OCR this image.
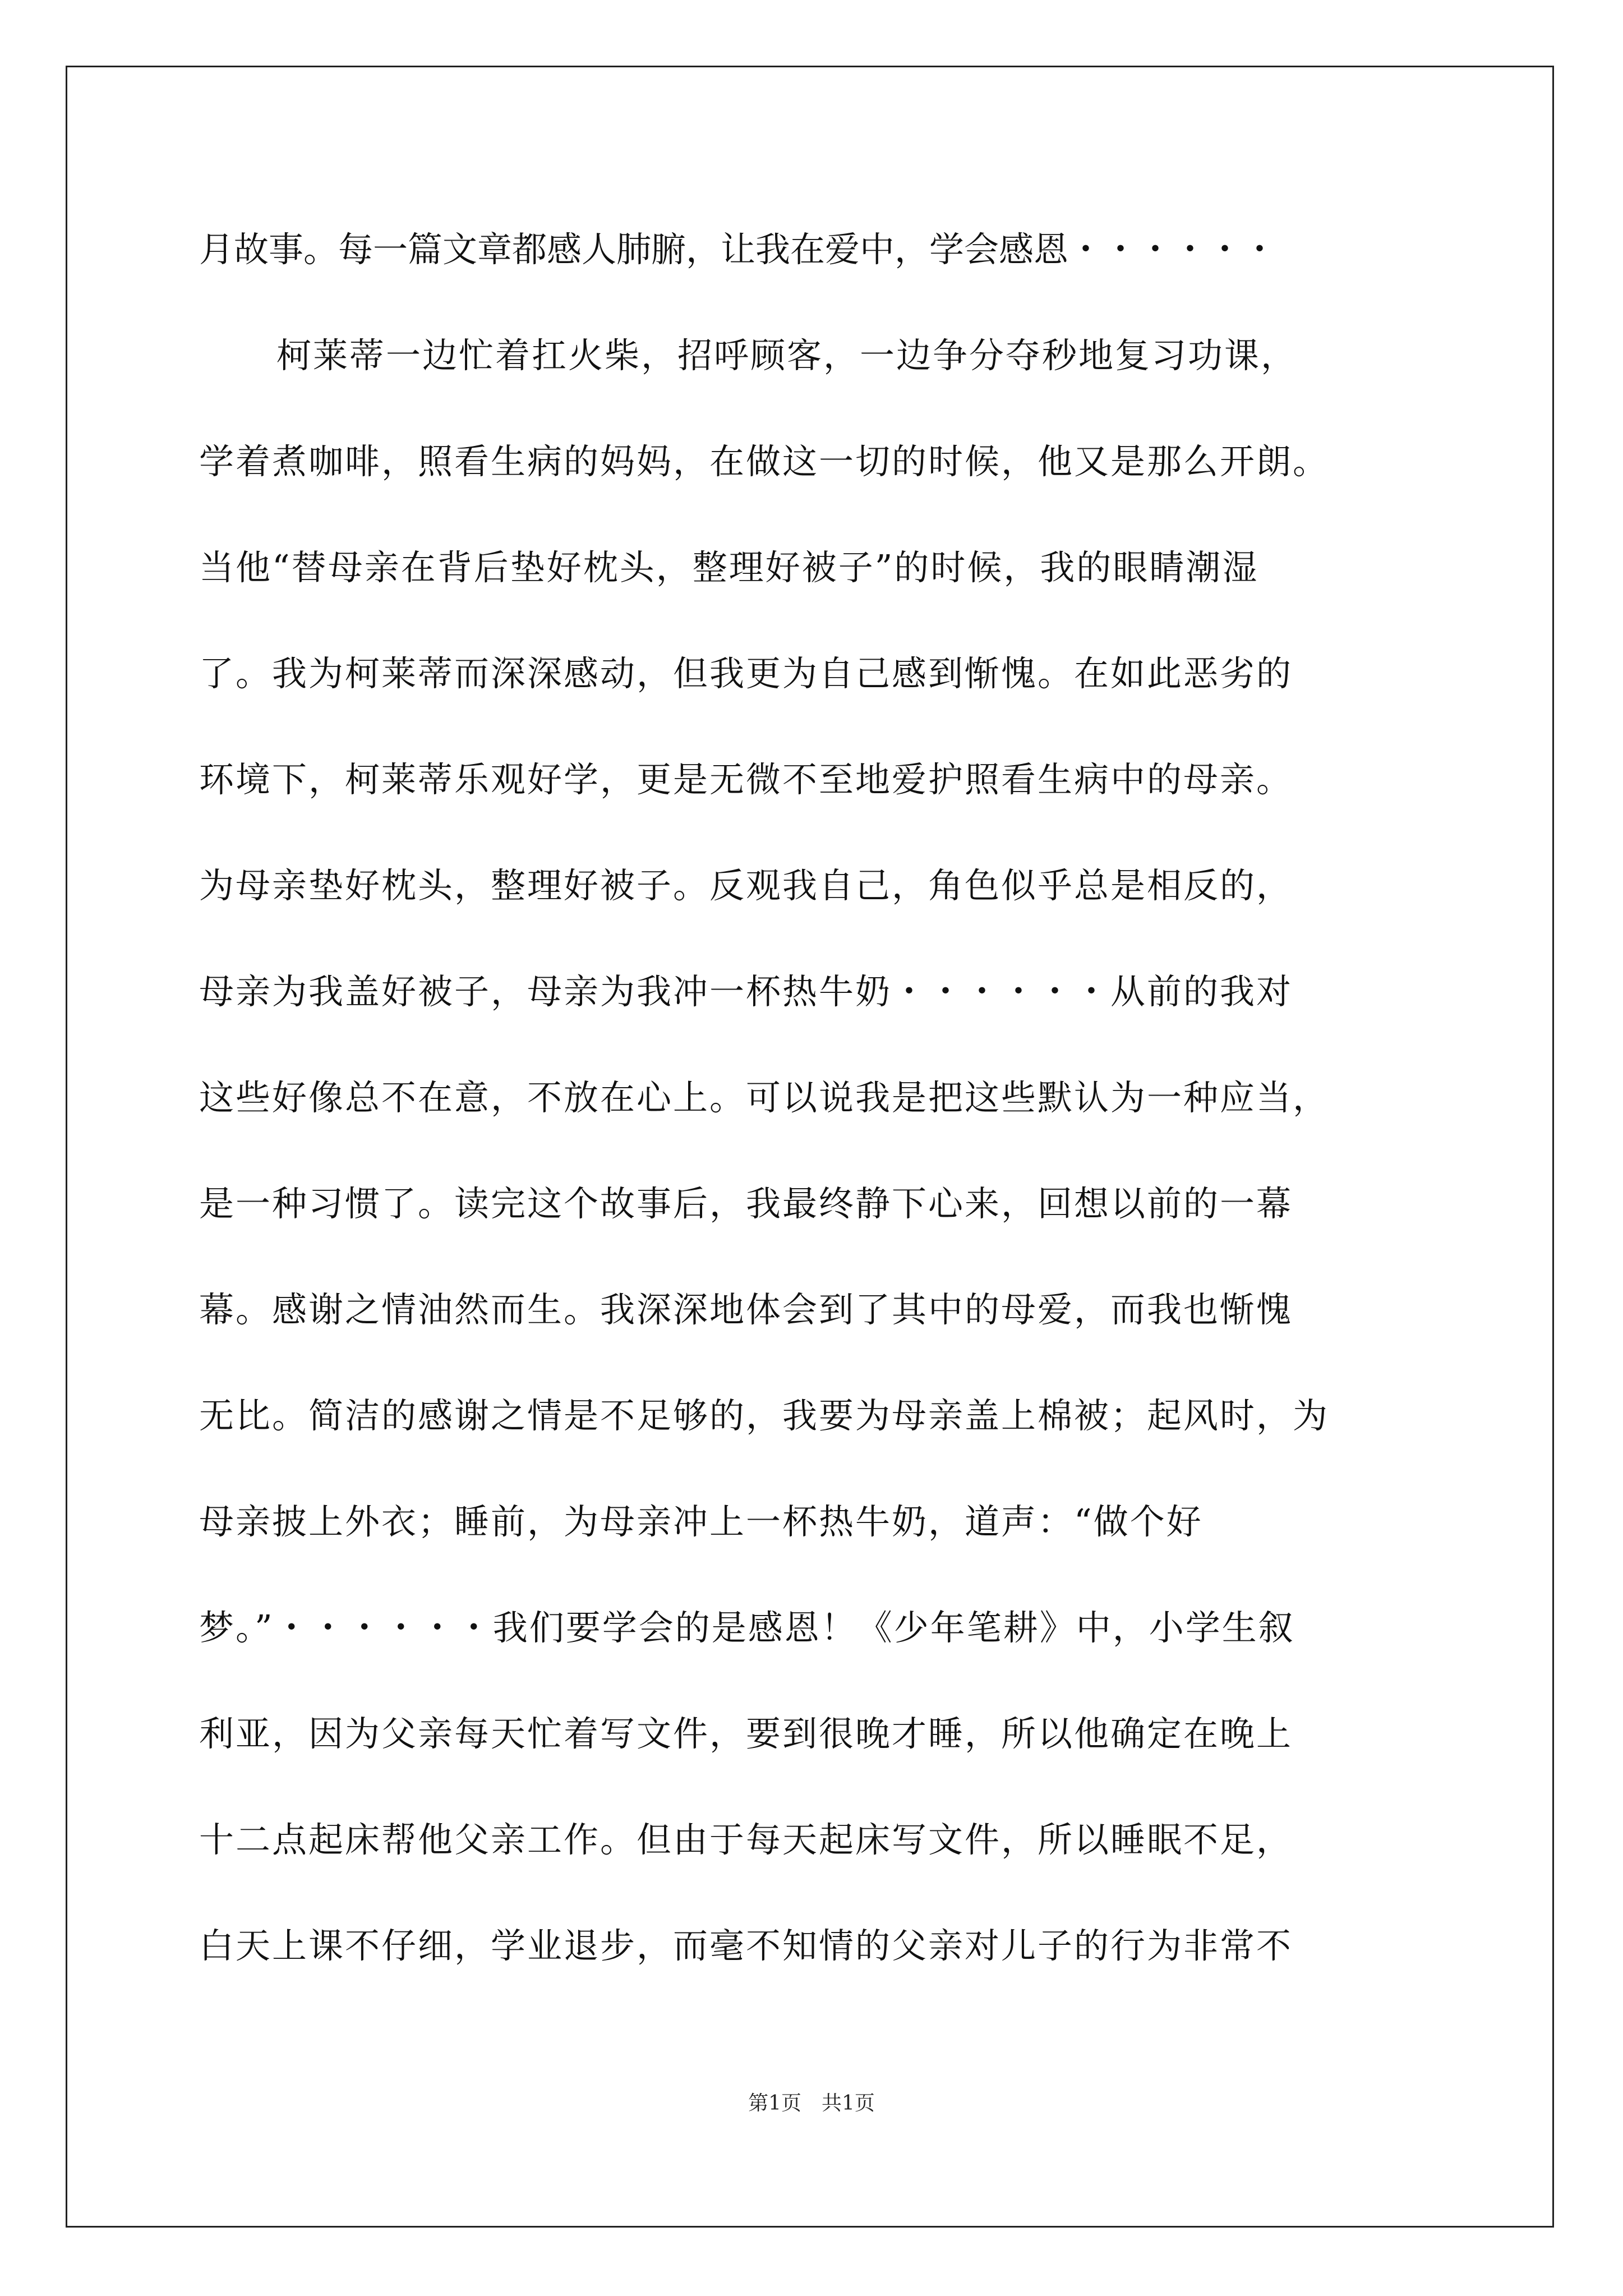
月故事。每一篇文章都感人肺腑，让我在爱中，学会感恩・・・・・・
柯莱蒂一边忙着扛火柴，招呼顾客，一边争分夺秒地复习功课，
学着煮咖啡，照看生病的妈妈，在做这一切的时候，他又是那么开朗。
当他“替母亲在背后垫好枕头，整理好被子”的时候，我的眼睛潮湿
了。我为柯莱蒂而深深感动，但我更为自己感到惭愧。在如此恶劣的
环境下，柯莱蒂乐观好学，更是无微不至地爱护照看生病中的母亲。
为母亲垫好枕头，整理好被子。反观我自己，角色似乎总是相反的，
母亲为我盖好被子，母亲为我冲一杯热牛奶・・・・・・从前的我对
这些好像总不在意，不放在心上。可以说我是把这些默认为一种应当，
是一种习惯了。读完这个故事后，我最终静下心来，回想以前的一幕
幕。感谢之情油然而生。我深深地体会到了其中的母爱，而我也惭愧
无比。简洁的感谢之情是不足够的，我要为母亲盖上棉被；起风时，为
母亲披上外衣；睡前，为母亲冲上一杯热牛奶，道声：“做个好
梦。”・・・・・・我们要学会的是感恩！《少年笔耕》中，小学生叙
利亚，因为父亲每天忙着写文件，要到很晚才睡，所以他确定在晚上
十二点起床帮他父亲工作。但由于每天起床写文件，所以睡眠不足，
白天上课不仔细，学业退步，而毫不知情的父亲对儿子的行为非常不
第1页　共1页
